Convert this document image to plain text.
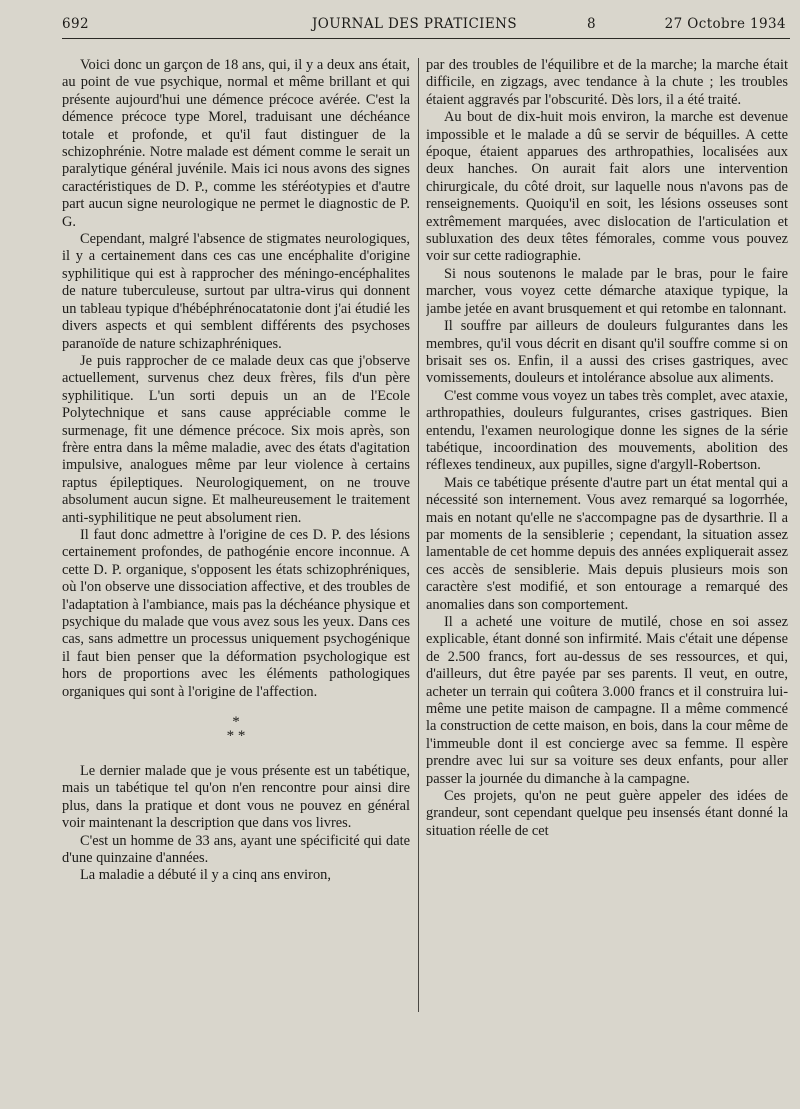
692	JOURNAL DES PRATICIENS	8	27 Octobre 1934

Voici donc un garçon de 18 ans, qui, il y a deux ans était, au point de vue psychique, normal et même brillant et qui présente aujourd'hui une démence précoce avérée. C'est la démence précoce type Morel, traduisant une déchéance totale et profonde, et qu'il faut distinguer de la schizophrénie. Notre malade est dément comme le serait un paralytique général juvénile. Mais ici nous avons des signes caractéristiques de D. P., comme les stéréotypies et d'autre part aucun signe neurologique ne permet le diagnostic de P. G.

Cependant, malgré l'absence de stigmates neurologiques, il y a certainement dans ces cas une encéphalite d'origine syphilitique qui est à rapprocher des méningo-encéphalites de nature tuberculeuse, surtout par ultra-virus qui donnent un tableau typique d'hébéphrénocatatonie dont j'ai étudié les divers aspects et qui semblent différents des psychoses paranoïde de nature schizaphréniques.

Je puis rapprocher de ce malade deux cas que j'observe actuellement, survenus chez deux frères, fils d'un père syphilitique. L'un sorti depuis un an de l'Ecole Polytechnique et sans cause appréciable comme le surmenage, fit une démence précoce. Six mois après, son frère entra dans la même maladie, avec des états d'agitation impulsive, analogues même par leur violence à certains raptus épileptiques. Neurologiquement, on ne trouve absolument aucun signe. Et malheureusement le traitement anti-syphilitique ne peut absolument rien.

Il faut donc admettre à l'origine de ces D. P. des lésions certainement profondes, de pathogénie encore inconnue. A cette D. P. organique, s'opposent les états schizophréniques, où l'on observe une dissociation affective, et des troubles de l'adaptation à l'ambiance, mais pas la déchéance physique et psychique du malade que vous avez sous les yeux. Dans ces cas, sans admettre un processus uniquement psychogénique il faut bien penser que la déformation psychologique est hors de proportions avec les éléments pathologiques organiques qui sont à l'origine de l'affection.

*
* *

Le dernier malade que je vous présente est un tabétique, mais un tabétique tel qu'on n'en rencontre pour ainsi dire plus, dans la pratique et dont vous ne pouvez en général voir maintenant la description que dans vos livres.

C'est un homme de 33 ans, ayant une spécificité qui date d'une quinzaine d'années.

La maladie a débuté il y a cinq ans environ,

par des troubles de l'équilibre et de la marche; la marche était difficile, en zigzags, avec tendance à la chute ; les troubles étaient aggravés par l'obscurité. Dès lors, il a été traité.

Au bout de dix-huit mois environ, la marche est devenue impossible et le malade a dû se servir de béquilles. A cette époque, étaient apparues des arthropathies, localisées aux deux hanches. On aurait fait alors une intervention chirurgicale, du côté droit, sur laquelle nous n'avons pas de renseignements. Quoiqu'il en soit, les lésions osseuses sont extrêmement marquées, avec dislocation de l'articulation et subluxation des deux têtes fémorales, comme vous pouvez voir sur cette radiographie.

Si nous soutenons le malade par le bras, pour le faire marcher, vous voyez cette démarche ataxique typique, la jambe jetée en avant brusquement et qui retombe en talonnant.

Il souffre par ailleurs de douleurs fulgurantes dans les membres, qu'il vous décrit en disant qu'il souffre comme si on brisait ses os. Enfin, il a aussi des crises gastriques, avec vomissements, douleurs et intolérance absolue aux aliments.

C'est comme vous voyez un tabes très complet, avec ataxie, arthropathies, douleurs fulgurantes, crises gastriques. Bien entendu, l'examen neurologique donne les signes de la série tabétique, incoordination des mouvements, abolition des réflexes tendineux, aux pupilles, signe d'argyll-Robertson.

Mais ce tabétique présente d'autre part un état mental qui a nécessité son internement. Vous avez remarqué sa logorrhée, mais en notant qu'elle ne s'accompagne pas de dysarthrie. Il a par moments de la sensiblerie ; cependant, la situation assez lamentable de cet homme depuis des années expliquerait assez ces accès de sensiblerie. Mais depuis plusieurs mois son caractère s'est modifié, et son entourage a remarqué des anomalies dans son comportement.

Il a acheté une voiture de mutilé, chose en soi assez explicable, étant donné son infirmité. Mais c'était une dépense de 2.500 francs, fort au-dessus de ses ressources, et qui, d'ailleurs, dut être payée par ses parents. Il veut, en outre, acheter un terrain qui coûtera 3.000 francs et il construira lui-même une petite maison de campagne. Il a même commencé la construction de cette maison, en bois, dans la cour même de l'immeuble dont il est concierge avec sa femme. Il espère prendre avec lui sur sa voiture ses deux enfants, pour aller passer la journée du dimanche à la campagne.

Ces projets, qu'on ne peut guère appeler des idées de grandeur, sont cependant quelque peu insensés étant donné la situation réelle de cet
